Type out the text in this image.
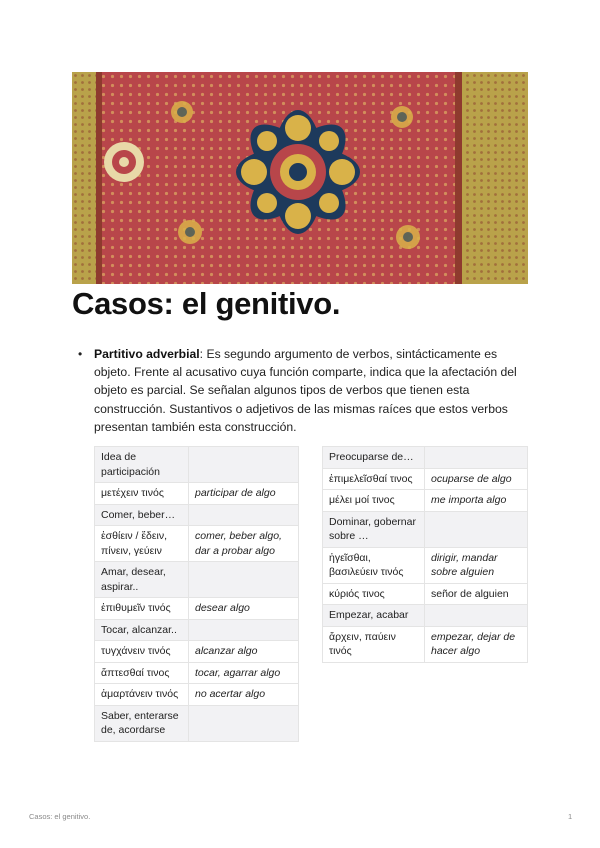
Casos: el genitivo.
• Partitivo adverbial: Es segundo argumento de verbos, sintácticamente es objeto. Frente al acusativo cuya función comparte, indica que la afectación del objeto es parcial. Se señalan algunos tipos de verbos que tienen esta construcción. Sustantivos o adjetivos de las mismas raíces que estos verbos presentan también esta construcción.
Idea de participación	
μετέχειν τινός	participar de algo
Comer, beber…	
ἐσθίειν / ἔδειν, πίνειν, γεύειν	comer, beber algo, dar a probar algo
Amar, desear, aspirar..	
ἐπιθυμεῖν τινός	desear algo
Tocar, alcanzar..	
τυγχάνειν τινός	alcanzar algo
ἅπτεσθαί τινος	tocar, agarrar algo
ἁμαρτάνειν τινός	no acertar algo
Saber, enterarse de, acordarse	
Preocuparse de…	
ἐπιμελεῖσθαί τινος	ocuparse de algo
μέλει μοί τινος	me importa algo
Dominar, gobernar sobre …	
ἡγεῖσθαι, βασιλεύειν τινός	dirigir, mandar sobre alguien
κύριός τινος	señor de alguien
Empezar, acabar	
ἄρχειν, παύειν τινός	empezar, dejar de hacer algo
Casos: el genitivo.	1
